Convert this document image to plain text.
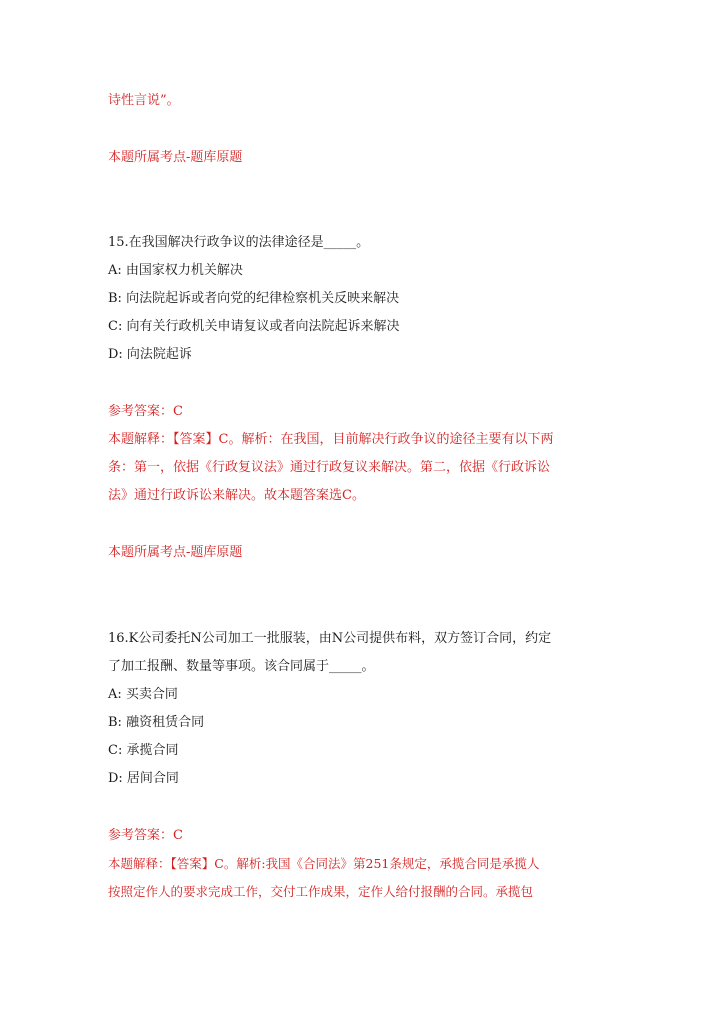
诗性言说”。
本题所属考点-题库原题
15.在我国解决行政争议的法律途径是_____。
A: 由国家权力机关解决
B: 向法院起诉或者向党的纪律检察机关反映来解决
C: 向有关行政机关申请复议或者向法院起诉来解决
D: 向法院起诉
参考答案：C
本题解释：【答案】C。解析：在我国，目前解决行政争议的途径主要有以下两
条：第一，依据《行政复议法》通过行政复议来解决。第二，依据《行政诉讼
法》通过行政诉讼来解决。故本题答案选C。
本题所属考点-题库原题
16.K公司委托N公司加工一批服装，由N公司提供布料，双方签订合同，约定
了加工报酬、数量等事项。该合同属于_____。
A: 买卖合同
B: 融资租赁合同
C: 承揽合同
D: 居间合同
参考答案：C
本题解释：【答案】C。解析:我国《合同法》第251条规定，承揽合同是承揽人
按照定作人的要求完成工作，交付工作成果，定作人给付报酬的合同。承揽包
